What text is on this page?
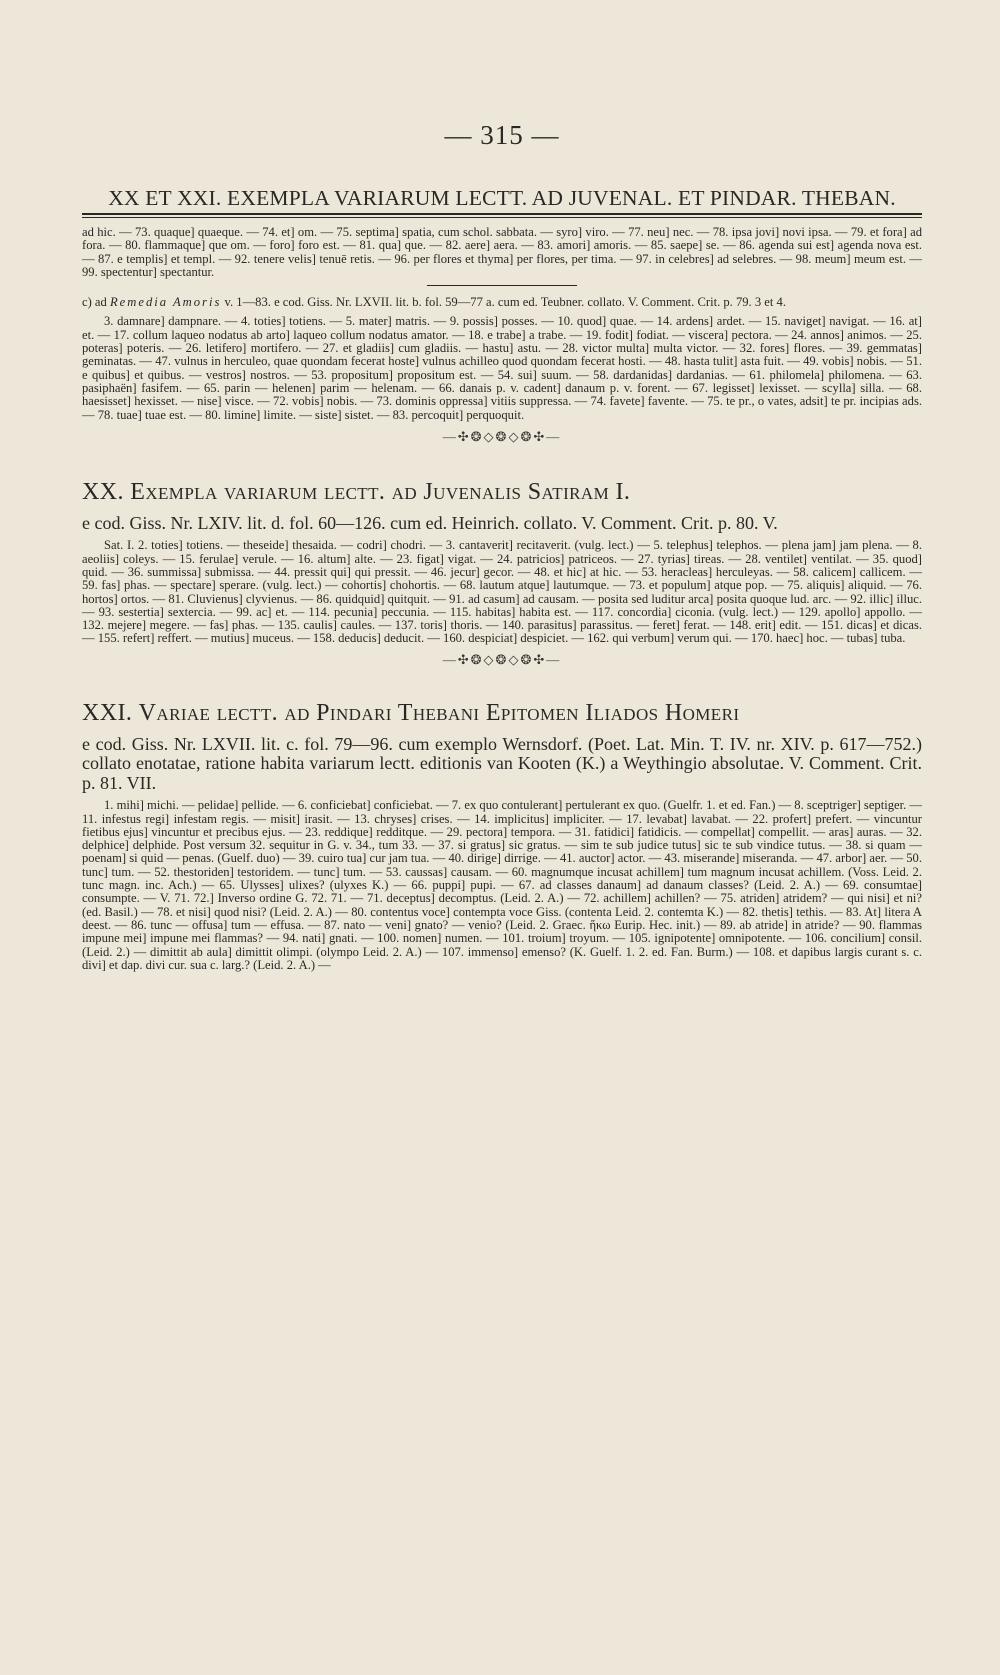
— 315 —
XX ET XXI. EXEMPLA VARIARUM LECTT. AD JUVENAL. ET PINDAR. THEBAN.

ad hic. — 73. quaque] quaeque. — 74. et] om. — 75. septima] spatia, cum schol. sabbata. — syro] viro. — 77. neu] nec. — 78. ipsa jovi] novi ipsa. — 79. et fora] ad fora. — 80. flammaque] que om. — foro] foro est. — 81. qua] que. — 82. aere] aera. — 83. amori] amoris. — 85. saepe] se. — 86. agenda sui est] agenda nova est. — 87. e templis] et templ. — 92. tenere velis] tenuē retis. — 96. per flores et thyma] per flores, per tima. — 97. in celebres] ad selebres. — 98. meum] meum est. — 99. spectentur] spectantur.

c) ad Remedia Amoris v. 1—83. e cod. Giss. Nr. LXVII. lit. b. fol. 59—77 a. cum ed. Teubner. collato. V. Comment. Crit. p. 79. 3 et 4.

3. damnare] dampnare. — 4. toties] totiens. — 5. mater] matris. — 9. possis] posses. — 10. quod] quae. — 14. ardens] ardet. — 15. naviget] navigat. — 16. at] et. — 17. collum laqueo nodatus ab arto] laqueo collum nodatus amator. — 18. e trabe] a trabe. — 19. fodit] fodiat. — viscera] pectora. — 24. annos] animos. — 25. poteras] poteris. — 26. letifero] mortifero. — 27. et gladiis] cum gladiis. — hastu] astu. — 28. victor multa] multa victor. — 32. fores] flores. — 39. gemmatas] geminatas. — 47. vulnus in herculeo, quae quondam fecerat hoste] vulnus achilleo quod quondam fecerat hosti. — 48. hasta tulit] asta fuit. — 49. vobis] nobis. — 51. e quibus] et quibus. — vestros] nostros. — 53. propositum] propositum est. — 54. sui] suum. — 58. dardanidas] dardanias. — 61. philomela] philomena. — 63. pasiphaën] fasifem. — 65. parin — helenen] parim — helenam. — 66. danais p. v. cadent] danaum p. v. forent. — 67. legisset] lexisset. — scylla] silla. — 68. haesisset] hexisset. — nise] visce. — 72. vobis] nobis. — 73. dominis oppressa] vitiis suppressa. — 74. favete] favente. — 75. te pr., o vates, adsit] te pr. incipias ads. — 78. tuae] tuae est. — 80. limine] limite. — siste] sistet. — 83. percoquit] perquoquit.

—✣❂◇❂◇❂✣—
XX. Exempla variarum lectt. ad Juvenalis Satiram I.

e cod. Giss. Nr. LXIV. lit. d. fol. 60—126. cum ed. Heinrich. collato. V. Comment. Crit. p. 80. V.

Sat. I. 2. toties] totiens. — theseide] thesaida. — codri] chodri. — 3. cantaverit] recitaverit. (vulg. lect.) — 5. telephus] telephos. — plena jam] jam plena. — 8. aeoliis] coleys. — 15. ferulae] verule. — 16. altum] alte. — 23. figat] vigat. — 24. patricios] patriceos. — 27. tyrias] tireas. — 28. ventilet] ventilat. — 35. quod] quid. — 36. summissa] submissa. — 44. pressit qui] qui pressit. — 46. jecur] gecor. — 48. et hic] at hic. — 53. heracleas] herculeyas. — 58. calicem] callicem. — 59. fas] phas. — spectare] sperare. (vulg. lect.) — cohortis] chohortis. — 68. lautum atque] lautumque. — 73. et populum] atque pop. — 75. aliquis] aliquid. — 76. hortos] ortos. — 81. Cluvienus] clyvienus. — 86. quidquid] quitquit. — 91. ad casum] ad causam. — posita sed luditur arca] posita quoque lud. arc. — 92. illic] illuc. — 93. sestertia] sextercia. — 99. ac] et. — 114. pecunia] peccunia. — 115. habitas] habita est. — 117. concordia] ciconia. (vulg. lect.) — 129. apollo] appollo. — 132. mejere] megere. — fas] phas. — 135. caulis] caules. — 137. toris] thoris. — 140. parasitus] parassitus. — feret] ferat. — 148. erit] edit. — 151. dicas] et dicas. — 155. refert] reffert. — mutius] muceus. — 158. deducis] deducit. — 160. despiciat] despiciet. — 162. qui verbum] verum qui. — 170. haec] hoc. — tubas] tuba.

—✣❂◇❂◇❂✣—
XXI. Variae lectt. ad Pindari Thebani Epitomen Iliados Homeri

e cod. Giss. Nr. LXVII. lit. c. fol. 79—96. cum exemplo Wernsdorf. (Poet. Lat. Min. T. IV. nr. XIV. p. 617—752.) collato enotatae, ratione habita variarum lectt. editionis van Kooten (K.) a Weythingio absolutae. V. Comment. Crit. p. 81. VII.

1. mihi] michi. — pelidae] pellide. — 6. conficiebat] conficiebat. — 7. ex quo contulerant] pertulerant ex quo. (Guelfr. 1. et ed. Fan.) — 8. sceptriger] septiger. — 11. infestus regi] infestam regis. — misit] irasit. — 13. chryses] crises. — 14. implicitus] impliciter. — 17. levabat] lavabat. — 22. profert] prefert. — vincuntur fietibus ejus] vincuntur et precibus ejus. — 23. reddique] redditque. — 29. pectora] tempora. — 31. fatidici] fatidicis. — compellat] compellit. — aras] auras. — 32. delphice] delphide. Post versum 32. sequitur in G. v. 34., tum 33. — 37. si gratus] sic gratus. — sim te sub judice tutus] sic te sub vindice tutus. — 38. si quam — poenam] si quid — penas. (Guelf. duo) — 39. cuiro tua] cur jam tua. — 40. dirige] dirrige. — 41. auctor] actor. — 43. miserande] miseranda. — 47. arbor] aer. — 50. tunc] tum. — 52. thestoriden] testoridem. — tunc] tum. — 53. caussas] causam. — 60. magnumque incusat achillem] tum magnum incusat achillem. (Voss. Leid. 2. tunc magn. inc. Ach.) — 65. Ulysses] ulixes? (ulyxes K.) — 66. puppi] pupi. — 67. ad classes danaum] ad danaum classes? (Leid. 2. A.) — 69. consumtae] consumpte. — V. 71. 72.] Inverso ordine G. 72. 71. — 71. deceptus] decomptus. (Leid. 2. A.) — 72. achillem] achillen? — 75. atriden] atridem? — qui nisi] et ni? (ed. Basil.) — 78. et nisi] quod nisi? (Leid. 2. A.) — 80. contentus voce] contempta voce Giss. (contenta Leid. 2. contemta K.) — 82. thetis] tethis. — 83. At] litera A deest. — 86. tunc — offusa] tum — effusa. — 87. nato — veni] gnato? — venio? (Leid. 2. Graec. ἥκω Eurip. Hec. init.) — 89. ab atride] in atride? — 90. flammas impune mei] impune mei flammas? — 94. nati] gnati. — 100. nomen] numen. — 101. troium] troyum. — 105. ignipotente] omnipotente. — 106. concilium] consil. (Leid. 2.) — dimittit ab aula] dimittit olimpi. (olympo Leid. 2. A.) — 107. immenso] emenso? (K. Guelf. 1. 2. ed. Fan. Burm.) — 108. et dapibus largis curant s. c. divi] et dap. divi cur. sua c. larg.? (Leid. 2. A.) —
